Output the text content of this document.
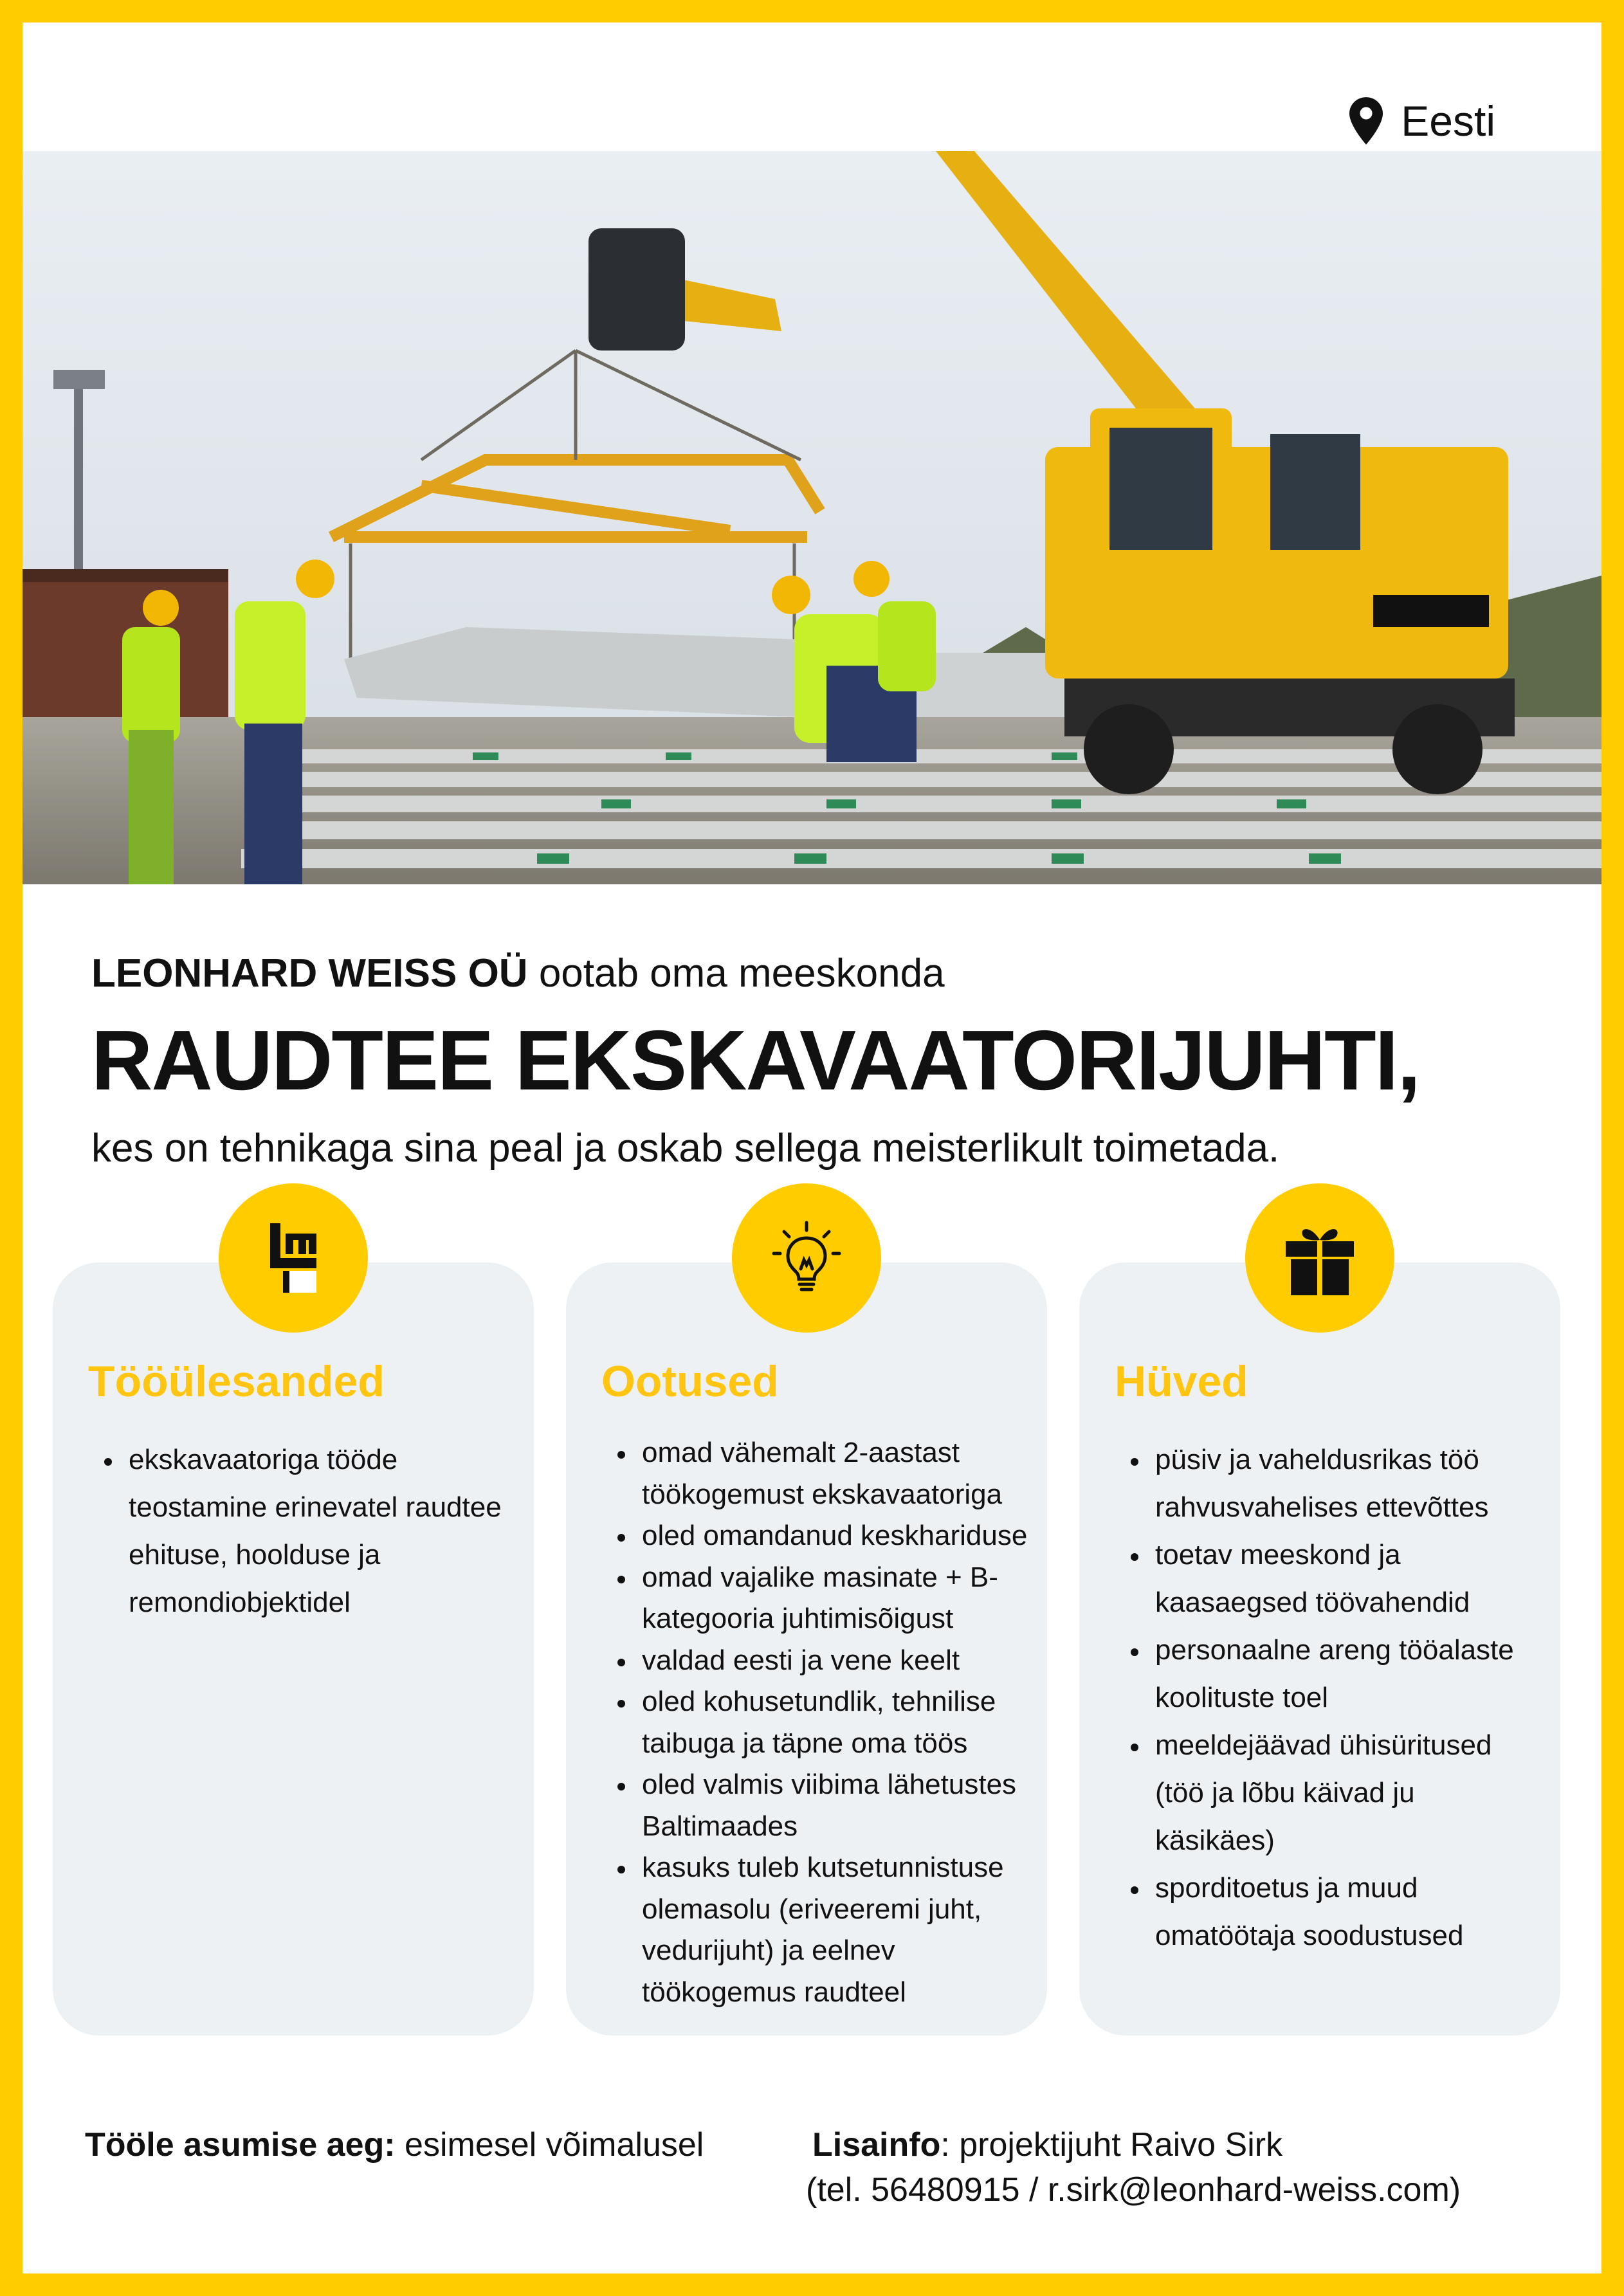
Eesti
LEONHARD WEISS OÜ ootab oma meeskonda
RAUDTEE EKSKAVAATORIJUHTI,
kes on tehnikaga sina peal ja oskab sellega meisterlikult toimetada.
Tööülesanded
• ekskavaatoriga tööde teostamine erinevatel raudtee ehituse, hoolduse ja remondiobjektidel
Ootused
• omad vähemalt 2-aastast töökogemust ekskavaatoriga
• oled omandanud keskhariduse
• omad vajalike masinate + B-kategooria juhtimisõigust
• valdad eesti ja vene keelt
• oled kohusetundlik, tehnilise taibuga ja täpne oma töös
• oled valmis viibima lähetustes Baltimaades
• kasuks tuleb kutsetunnistuse olemasolu (eriveeremi juht, vedurijuht) ja eelnev töökogemus raudteel
Hüved
• püsiv ja vaheldusrikas töö rahvusvahelises ettevõttes
• toetav meeskond ja kaasaegsed töövahendid
• personaalne areng tööalaste koolituste toel
• meeldejäävad ühisüritused (töö ja lõbu käivad ju käsikäes)
• sporditoetus ja muud omatöötaja soodustused
Tööle asumise aeg: esimesel võimalusel	Lisainfo: projektijuht Raivo Sirk
(tel. 56480915 / r.sirk@leonhard-weiss.com)
